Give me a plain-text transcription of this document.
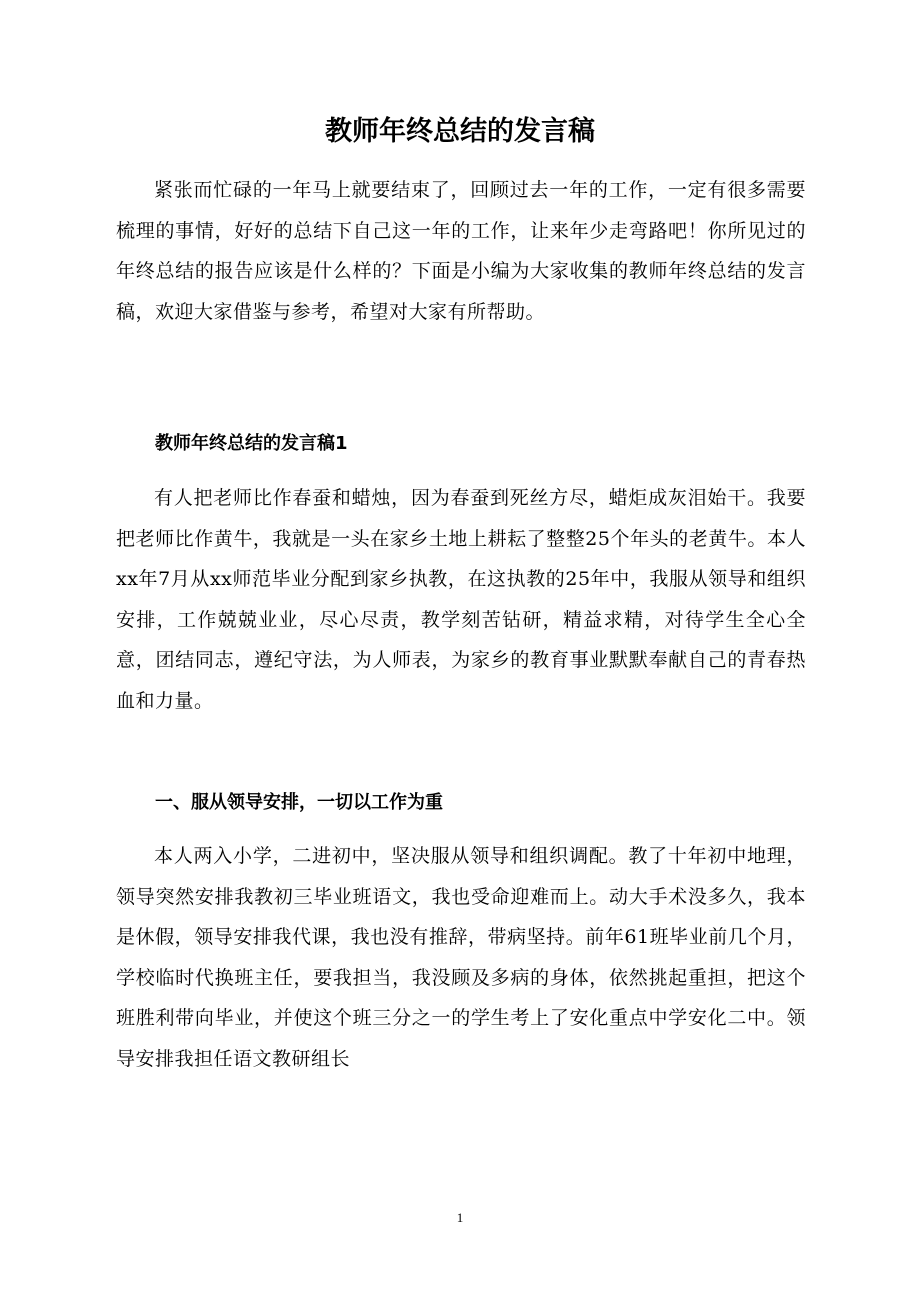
教师年终总结的发言稿

紧张而忙碌的一年马上就要结束了，回顾过去一年的工作，一定有很多需要梳理的事情，好好的总结下自己这一年的工作，让来年少走弯路吧！你所见过的年终总结的报告应该是什么样的？下面是小编为大家收集的教师年终总结的发言稿，欢迎大家借鉴与参考，希望对大家有所帮助。

教师年终总结的发言稿1

有人把老师比作春蚕和蜡烛，因为春蚕到死丝方尽，蜡炬成灰泪始干。我要把老师比作黄牛，我就是一头在家乡土地上耕耘了整整25个年头的老黄牛。本人xx年7月从xx师范毕业分配到家乡执教，在这执教的25年中，我服从领导和组织安排，工作兢兢业业，尽心尽责，教学刻苦钻研，精益求精，对待学生全心全意，团结同志，遵纪守法，为人师表，为家乡的教育事业默默奉献自己的青春热血和力量。

一、服从领导安排，一切以工作为重

本人两入小学，二进初中，坚决服从领导和组织调配。教了十年初中地理，领导突然安排我教初三毕业班语文，我也受命迎难而上。动大手术没多久，我本是休假，领导安排我代课，我也没有推辞，带病坚持。前年61班毕业前几个月，学校临时代换班主任，要我担当，我没顾及多病的身体，依然挑起重担，把这个班胜利带向毕业，并使这个班三分之一的学生考上了安化重点中学安化二中。领导安排我担任语文教研组长

1
